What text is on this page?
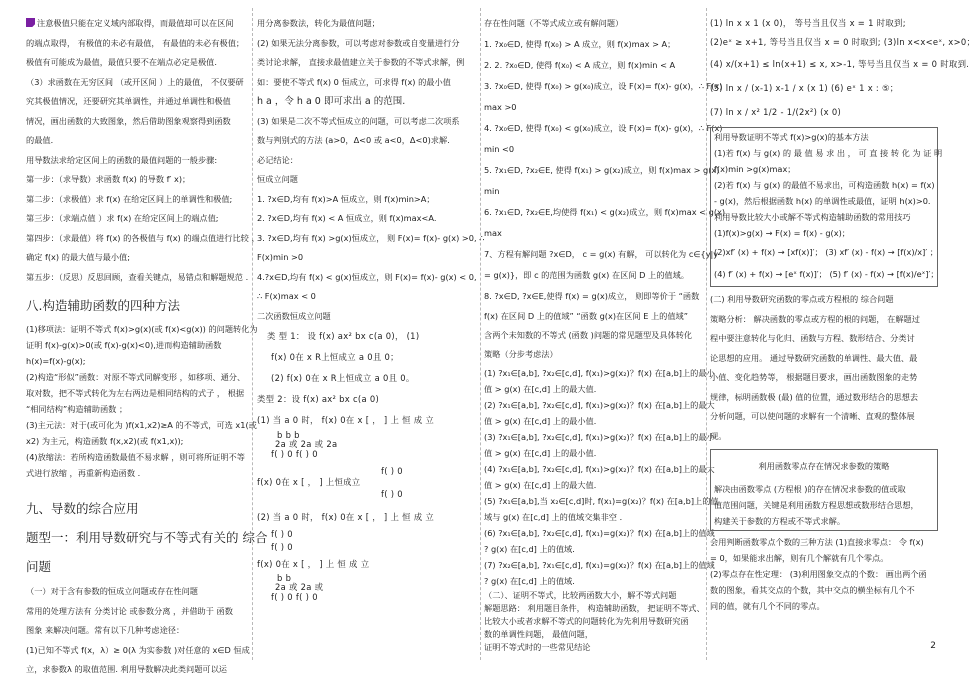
注意极值只能在定义域内部取得，而最值却可以在区间

的端点取得， 有极值的未必有最值， 有最值的未必有极值；

极值有可能成为最值，最值只要不在端点必定是极值.

（3）求函数在无穷区间 （或开区间 ）上的最值， 不仅要研

究其极值情况，还要研究其单调性，并通过单调性和极值

情况，画出函数的大致图象，然后借助图象观察得到函数

的最值．

用导数法求给定区间上的函数的最值问题的一般步骤:

第一步：（求导数）求函数 f(x) 的导数 f′ x)；

第二步：（求极值）求 f(x) 在给定区间上的单调性和极值;

第三步：（求端点值 ）求 f(x) 在给定区间上的端点值;

第四步：（求最值）将 f(x) 的各极值与 f(x) 的端点值进行比较 ，

确定 f(x) 的最大值与最小值;

第五步：（反思）反思回顾，查看关键点，易错点和解题规范 .

八.构造辅助函数的四种方法

(1)移项法：证明不等式 f(x)>g(x)(或 f(x)<g(x)) 的问题转化为

证明 f(x)-g(x)>0(或 f(x)-g(x)<0),进而构造辅助函数

h(x)=f(x)-g(x);

(2)构造“形似”函数：对原不等式同解变形 ，如移项、通分、

取对数，把不等式转化为左右两边是相同结构的式子 ， 根据

“相同结构”构造辅助函数 ；

(3)主元法：对于(或可化为 )f(x1,x2)≥A 的不等式，可选 x1(或

x2) 为主元，构造函数 f(x,x2)(或 f(x1,x));

(4)放缩法：若所构造函数最值不易求解 ，则可将所证明不等

式进行放缩 ，再重新构造函数 .

九、导数的综合应用

题型一：利用导数研究与不等式有关的 综合

问题

（一）对于含有参数的恒成立问题或存在性问题

常用的处理方法有 分类讨论 或参数分离 ，并借助于 函数

图象 来解决问题。常有以下几种考虑途径：

(1)已知不等式 f(x，λ）≥ 0(λ 为实参数 )对任意的 x∈D 恒成

立，求参数λ 的取值范围. 利用导数解决此类问题可以运

用分离参数法，转化为最值问题；

(2) 如果无法分离参数，可以考虑对参数或自变量进行分

类讨论求解， 直接求最值建立关于参数的不等式求解，例

如：要使不等式 f(x) 0 恒成立，可求得 f(x) 的最小值

h a ，令 h a 0 即可求出 a 的范围.

(3) 如果是二次不等式恒成立的问题，可以考虑二次项系

数与判别式的方法 (a>0，Δ<0 或 a<0，Δ<0)求解.

必记结论：

恒成立问题

1. ?x∈D,均有 f(x)>A 恒成立，则 f(x)min>A；

2. ?x∈D,均有 f(x) < A 恒成立，则 f(x)max<A.

3. ?x∈D,均有 f(x) >g(x)恒成立， 则 F(x)= f(x)- g(x) >0, ∴

F(x)min >0

4.?x∈D,均有 f(x) < g(x)恒成立，则 F(x)= f(x)- g(x) < 0,

∴ F(x)max < 0

二次函数恒成立问题

类 型 1： 设 f(x) ax² bx c(a 0)， (1)

f(x) 0在 x R上恒成立 a 0且 0；

(2) f(x) 0在 x R上恒成立 a 0且 0。

类型 2：设 f(x) ax² bx c(a 0)

(1) 当 a 0 时， f(x) 0在 x [ ， ] 上 恒 成 立

b b b

2a 或 2a 或 2a

f( ) 0 f( ) 0

f( ) 0

f(x) 0在 x [ ， ] 上恒成立

f( ) 0

(2) 当 a 0 时， f(x) 0在 x [ ， ] 上 恒 成 立

f( ) 0

f( ) 0

f(x) 0在 x [ ， ] 上 恒 成 立

b b

2a 或 2a 或

f( ) 0 f( ) 0

存在性问题（不等式成立或有解问题）

1. ?x₀∈D, 使得 f(x₀) > A 成立，则 f(x)max > A；

2. 2. ?x₀∈D, 使得 f(x₀) < A 成立，则 f(x)min < A

3. ?x₀∈D, 使得 f(x₀) > g(x₀)成立，设 F(x)= f(x)- g(x)，∴ F(x)

max >0

4. ?x₀∈D, 使得 f(x₀) < g(x₀)成立，设 F(x)= f(x)- g(x)，∴ F(x)

min <0

5. ?x₁∈D, ?x₂∈E, 使得 f(x₁) > g(x₂)成立，则 f(x)max > g(x)

min

6. ?x₁∈D, ?x₂∈E,均使得 f(x₁) < g(x₂)成立，则 f(x)max < g(x)

max

7、方程有解问题 ?x∈D， c = g(x) 有解， 可以转化为 c∈{y|y

= g(x)}，即 c 的范围为函数 g(x) 在区间 D 上的值域。

8. ?x∈D, ?x∈E,使得 f(x) = g(x)成立， 则即等价于 “函数

f(x) 在区间 D 上的值域” “函数 g(x)在区间 E 上的值域”

含两个未知数的不等式 (函数 )问题的常见题型及具体转化

策略（分步考虑法）

(1) ?x₁∈[a,b], ?x₂∈[c,d], f(x₁)>g(x₂)？f(x) 在[a,b]上的最小

值 > g(x) 在[c,d] 上的最大值．

(2) ?x₁∈[a,b], ?x₂∈[c,d], f(x₁)>g(x₂)？f(x) 在[a,b]上的最大

值 > g(x) 在[c,d] 上的最小值．

(3) ?x₁∈[a,b], ?x₂∈[c,d], f(x₁)>g(x₂)？f(x) 在[a,b]上的最小

值 > g(x) 在[c,d] 上的最小值．

(4) ?x₁∈[a,b], ?x₂∈[c,d], f(x₁)>g(x₂)？f(x) 在[a,b]上的最大

值 > g(x) 在[c,d] 上的最大值．

(5) ?x₁∈[a,b],当 x₂∈[c,d]时, f(x₁)=g(x₂)？f(x) 在[a,b]上的值

域与 g(x) 在[c,d] 上的值域交集非空 ．

(6) ?x₁∈[a,b], ?x₂∈[c,d], f(x₁)=g(x₂)？f(x) 在[a,b]上的值域

? g(x) 在[c,d] 上的值域．

(7) ?x₂∈[a,b], ?x₁∈[c,d], f(x₁)=g(x₂)？f(x) 在[a,b]上的值域

? g(x) 在[c,d] 上的值域．

（二）、证明不等式，比较两函数大小，解不等式问题

解题思路： 利用题目条件， 构造辅助函数， 把证明不等式、

比较大小或者求解不等式的问题转化为先利用导数研究函

数的单调性问题， 最值问题，

证明不等式时的一些常见结论

(1) ln x x 1 (x 0)， 等号当且仅当 x = 1 时取到;

(2)eˣ ≥ x+1, 等号当且仅当 x = 0 时取到; (3)ln x<x<eˣ, x>0；

(4) x/(x+1) ≤ ln(x+1) ≤ x, x>-1, 等号当且仅当 x = 0 时取到.

(5) ln x / (x-1) x-1 / x (x 1) (6) eˣ 1 x : ⑤；

(7) ln x / x² 1/2 - 1/(2x²) (x 0)

利用导数证明不等式 f(x)>g(x)的基本方法

(1)若 f(x) 与 g(x) 的 最 值 易 求 出 ， 可 直 接 转 化 为 证 明

f(x)min >g(x)max；

(2)若 f(x) 与 g(x) 的最值不易求出，可构造函数 h(x) = f(x)

- g(x)，然后根据函数 h(x) 的单调性或最值，证明 h(x)>0.

利用导数比较大小或解不等式构造辅助函数的常用技巧

(1)f(x)>g(x) → F(x) = f(x) - g(x)；

(2)xf′ (x) + f(x) → [xf(x)]′； (3) xf′ (x) - f(x) → [f(x)/x]′ ；

(4) f′ (x) + f(x) → [eˣ f(x)]′； (5) f′ (x) - f(x) → [f(x)/eˣ]′；

(二) 利用导数研究函数的零点或方程根的 综合问题

策略分析： 解决函数的零点或方程的根的问题， 在解题过

程中要注意转化与化归、函数与方程、数形结合、分类讨

论思想的应用。 通过导数研究函数的单调性、最大值、最

小值、变化趋势等， 根据题目要求，画出函数图象的走势

规律，标明函数极 (最) 值的位置，通过数形结合的思想去

分析问题，可以使问题的求解有一个清晰、直观的整体展

现。

利用函数零点存在情况求参数的策略

解决由函数零点 (方程根 )的存在情况求参数的值或取

值范围问题，关键是利用函数方程思想或数形结合思想，

构建关于参数的方程或不等式求解。

会用判断函数零点个数的三种方法 (1)直接求零点： 令 f(x)

= 0，如果能求出解，则有几个解就有几个零点。

(2)零点存在性定理： (3)利用图象交点的个数： 画出两个函

数的图象，看其交点的个数，其中交点的横坐标有几个不

同的值，就有几个不同的零点。

2
